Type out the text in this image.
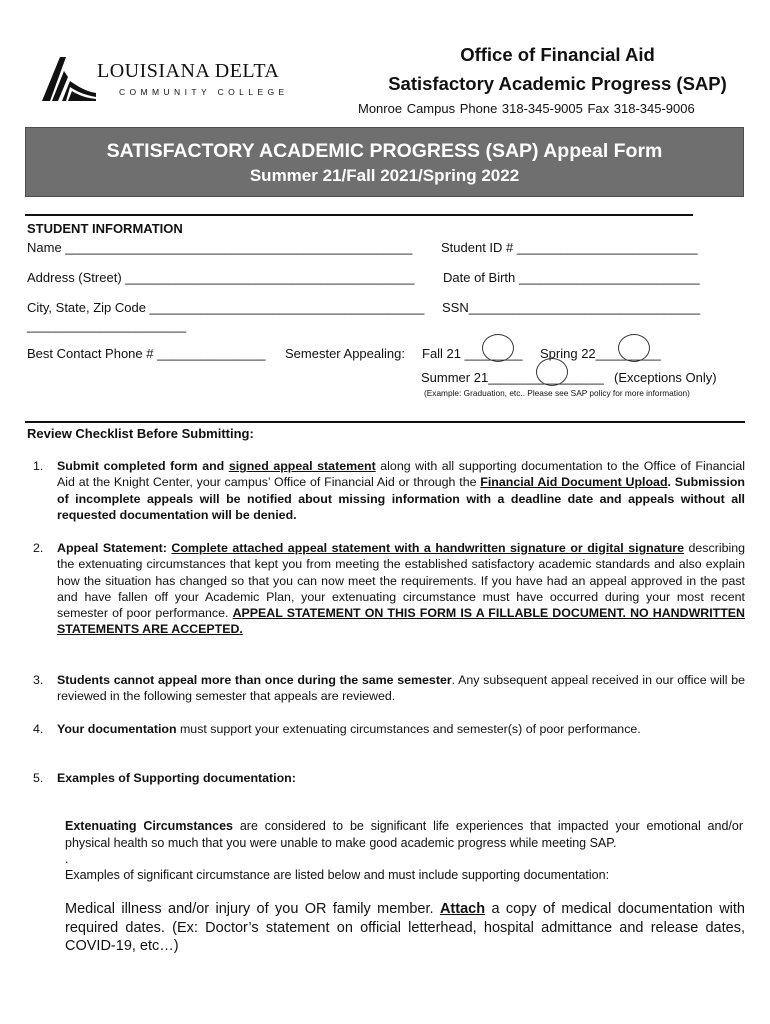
LOUISIANA DELTA
COMMUNITY COLLEGE
Office of Financial Aid
Satisfactory Academic Progress (SAP)
Monroe Campus Phone 318-345-9005 Fax 318-345-9006
SATISFACTORY ACADEMIC PROGRESS (SAP) Appeal Form
Summer 21/Fall 2021/Spring 2022
STUDENT INFORMATION
Name ________________________________________________ Student ID # _________________________
Address (Street) ________________________________________ Date of Birth _________________________
City, State, Zip Code ______________________________________ SSN________________________________
______________________
Best Contact Phone # _______________ Semester Appealing: Fall 21 ________ Spring 22_________
Summer 21________________ (Exceptions Only)
(Example: Graduation, etc.. Please see SAP policy for more information)
Review Checklist Before Submitting:
1. Submit completed form and signed appeal statement along with all supporting documentation to the Office of Financial Aid at the Knight Center, your campus’ Office of Financial Aid or through the Financial Aid Document Upload. Submission of incomplete appeals will be notified about missing information with a deadline date and appeals without all requested documentation will be denied.
2. Appeal Statement: Complete attached appeal statement with a handwritten signature or digital signature describing the extenuating circumstances that kept you from meeting the established satisfactory academic standards and also explain how the situation has changed so that you can now meet the requirements. If you have had an appeal approved in the past and have fallen off your Academic Plan, your extenuating circumstance must have occurred during your most recent semester of poor performance. APPEAL STATEMENT ON THIS FORM IS A FILLABLE DOCUMENT. NO HANDWRITTEN STATEMENTS ARE ACCEPTED.
3. Students cannot appeal more than once during the same semester. Any subsequent appeal received in our office will be reviewed in the following semester that appeals are reviewed.
4. Your documentation must support your extenuating circumstances and semester(s) of poor performance.
5. Examples of Supporting documentation:
Extenuating Circumstances are considered to be significant life experiences that impacted your emotional and/or physical health so much that you were unable to make good academic progress while meeting SAP.
.
Examples of significant circumstance are listed below and must include supporting documentation:
Medical illness and/or injury of you OR family member. Attach a copy of medical documentation with required dates. (Ex: Doctor’s statement on official letterhead, hospital admittance and release dates, COVID-19, etc…)
